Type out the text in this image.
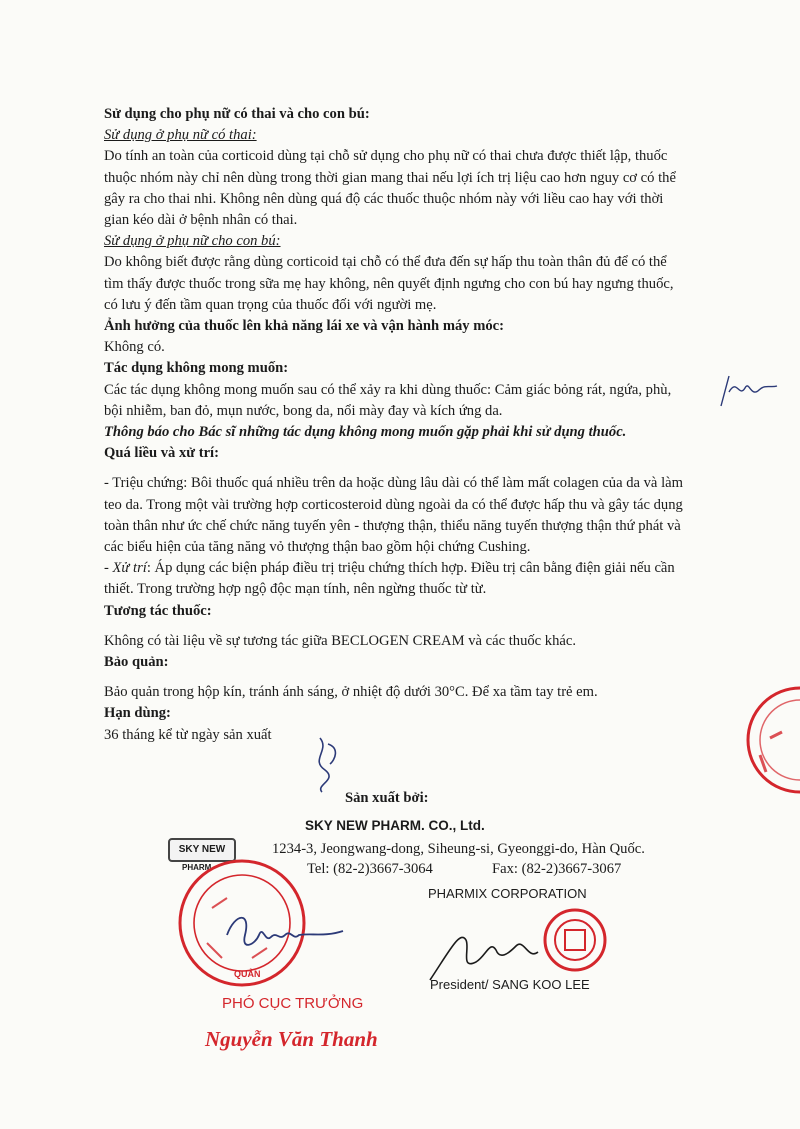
Sử dụng cho phụ nữ có thai và cho con bú:

Sử dụng ở phụ nữ có thai:

Do tính an toàn của corticoid dùng tại chỗ sử dụng cho phụ nữ có thai chưa được thiết lập, thuốc thuộc nhóm này chỉ nên dùng trong thời gian mang thai nếu lợi ích trị liệu cao hơn nguy cơ có thể gây ra cho thai nhi. Không nên dùng quá độ các thuốc thuộc nhóm này với liều cao hay với thời gian kéo dài ở bệnh nhân có thai.

Sử dụng ở phụ nữ cho con bú:

Do không biết được rằng dùng corticoid tại chỗ có thể đưa đến sự hấp thu toàn thân đủ để có thể tìm thấy được thuốc trong sữa mẹ hay không, nên quyết định ngưng cho con bú hay ngưng thuốc, có lưu ý đến tầm quan trọng của thuốc đối với người mẹ.

Ảnh hưởng của thuốc lên khả năng lái xe và vận hành máy móc:

Không có.

Tác dụng không mong muốn:

Các tác dụng không mong muốn sau có thể xảy ra khi dùng thuốc: Cảm giác bỏng rát, ngứa, phù, bội nhiễm, ban đỏ, mụn nước, bong da, nổi mày đay và kích ứng da.

Thông báo cho Bác sĩ những tác dụng không mong muốn gặp phải khi sử dụng thuốc.

Quá liều và xử trí:

- Triệu chứng: Bôi thuốc quá nhiều trên da hoặc dùng lâu dài có thể làm mất colagen của da và làm teo da. Trong một vài trường hợp corticosteroid dùng ngoài da có thể được hấp thu và gây tác dụng toàn thân như ức chế chức năng tuyến yên - thượng thận, thiểu năng tuyến thượng thận thứ phát và các biểu hiện của tăng năng vỏ thượng thận bao gồm hội chứng Cushing.

- Xử trí: Áp dụng các biện pháp điều trị triệu chứng thích hợp. Điều trị cân bằng điện giải nếu cần thiết. Trong trường hợp ngộ độc mạn tính, nên ngừng thuốc từ từ.

Tương tác thuốc:

Không có tài liệu về sự tương tác giữa BECLOGEN CREAM và các thuốc khác.

Bảo quản:

Bảo quản trong hộp kín, tránh ánh sáng, ở nhiệt độ dưới 30°C. Để xa tầm tay trẻ em.

Hạn dùng:

36 tháng kể từ ngày sản xuất

Sản xuất bởi:

SKY NEW PHARM. CO., Ltd.

1234-3, Jeongwang-dong, Siheung-si, Gyeonggi-do, Hàn Quốc.

Tel: (82-2)3667-3064	Fax: (82-2)3667-3067

SKY NEW
PHARM
QUẢN

PHÓ CỤC TRƯỞNG

Nguyễn Văn Thanh

PHARMIX CORPORATION

President/ SANG KOO LEE
